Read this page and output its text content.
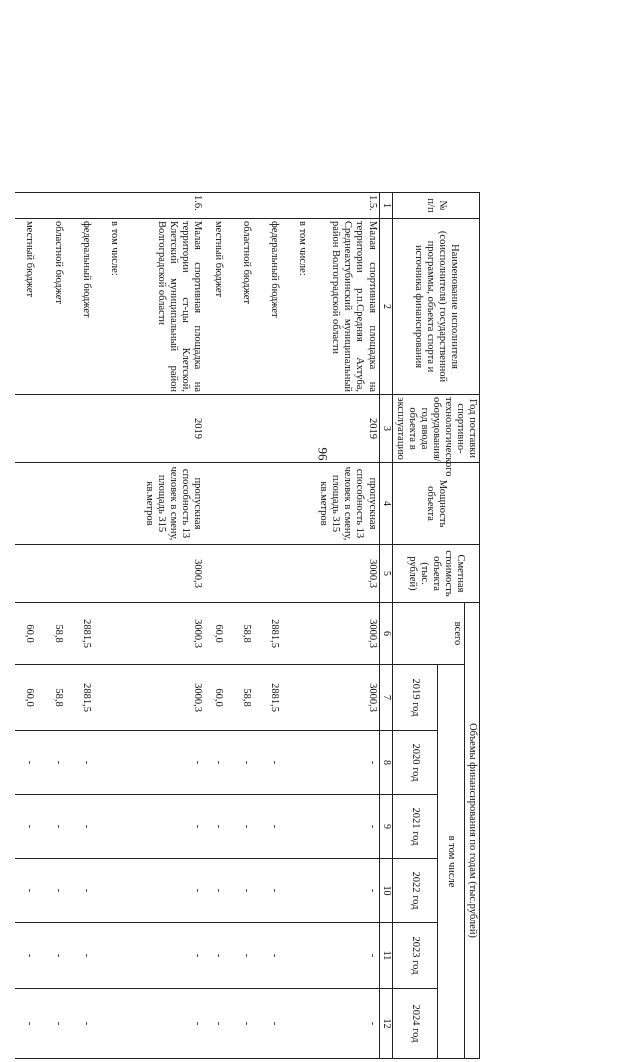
96
№ п/п	Наименование исполнителя (соисполнителя) государственной программы, объекта спорта и источника финансирования	Год поставки спортивно-технологического оборудования/ год ввода объекта в эксплуатацию	Мощность объекта	Сметная стоимость объекта (тыс. рублей)	Объемы финансирования по годам (тыс.рублей)						
					всего	в том числе					
						2019 год	2020 год	2021 год	2022 год	2023 год	2024 год
1	2	3	4	5	6	7	8	9	10	11	12
1.5.	Малая спортивная площадка на территории р.п.Средняя Ахтуба, Среднеахтубинский муниципальный район Волгоградской области	2019	пропускная способность 13 человек в смену, площадь 315 кв.метров	3000,3	3000,3	3000,3	-	-	-	-	-
	в том числе:										
	федеральный бюджет				2881,5	2881,5	-	-	-	-	-
	областной бюджет				58,8	58,8	-	-	-	-	-
	местный бюджет				60,0	60,0	-	-	-	-	-
1.6.	Малая спортивная площадка на территории ст-цы Клетской, Клетский муниципальный район Волгоградской области	2019	пропускная способность 13 человек в смену, площадь 315 кв.метров	3000,3	3000,3	3000,3	-	-	-	-	-
	в том числе:										
	федеральный бюджет				2881,5	2881,5	-	-	-	-	-
	областной бюджет				58,8	58,8	-	-	-	-	-
	местный бюджет				60,0	60,0	-	-	-	-	-
